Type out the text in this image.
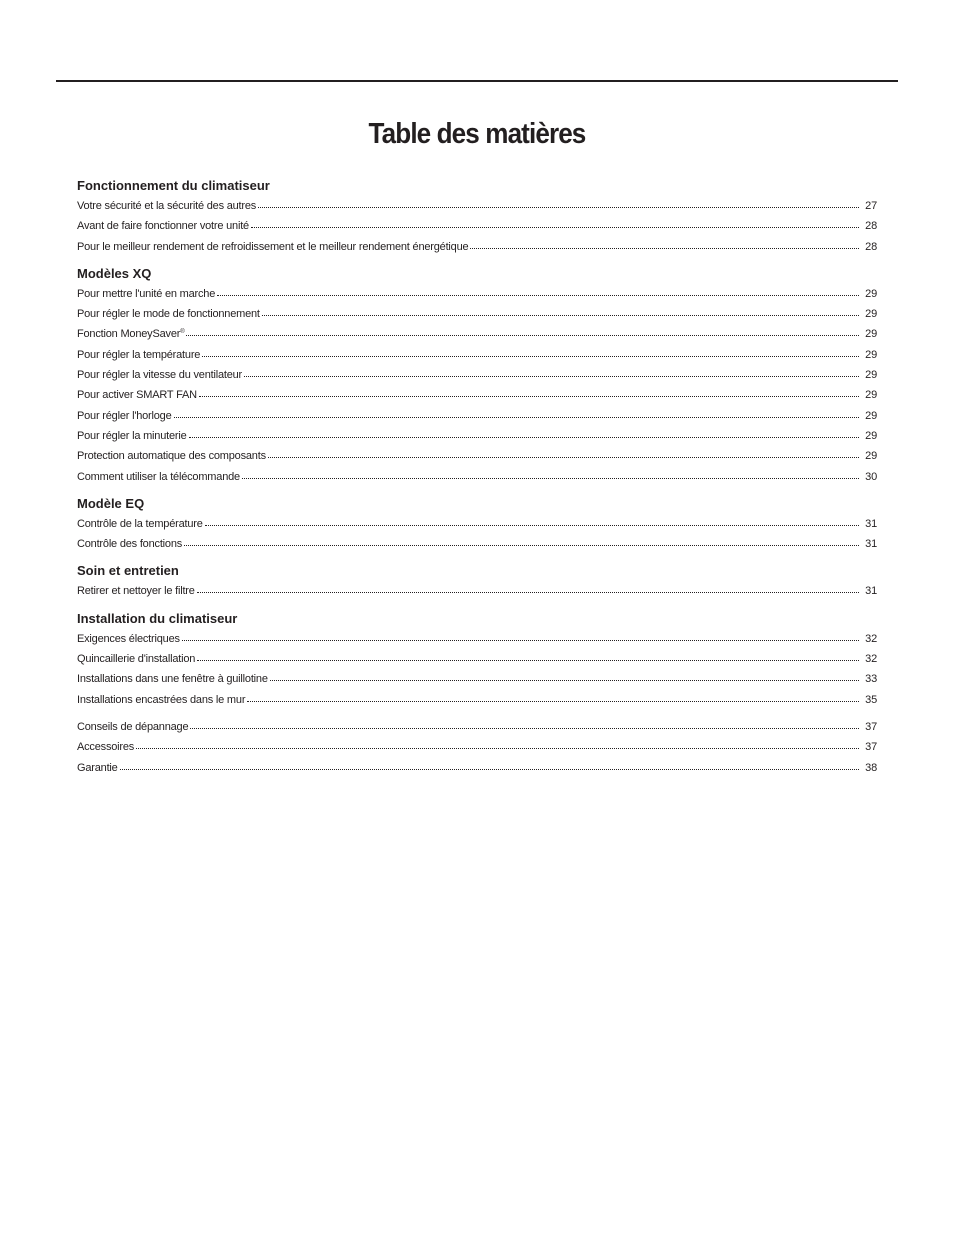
Table des matières
Fonctionnement du climatiseur
Votre sécurité et la sécurité des autres	27
Avant de faire fonctionner votre unité	28
Pour le meilleur rendement de refroidissement et le meilleur rendement énergétique	28
Modèles XQ
Pour mettre l'unité en marche	29
Pour régler le mode de fonctionnement	29
Fonction MoneySaver®	29
Pour régler la température	29
Pour régler la vitesse du ventilateur	29
Pour activer SMART FAN	29
Pour régler l'horloge	29
Pour régler la minuterie	29
Protection automatique des composants	29
Comment utiliser la télécommande	30
Modèle EQ
Contrôle de la température	31
Contrôle des fonctions	31
Soin et entretien
Retirer et nettoyer le filtre	31
Installation du climatiseur
Exigences électriques	32
Quincaillerie d'installation	32
Installations dans une fenêtre à guillotine	33
Installations encastrées dans le mur	35
Conseils de dépannage	37
Accessoires	37
Garantie	38
